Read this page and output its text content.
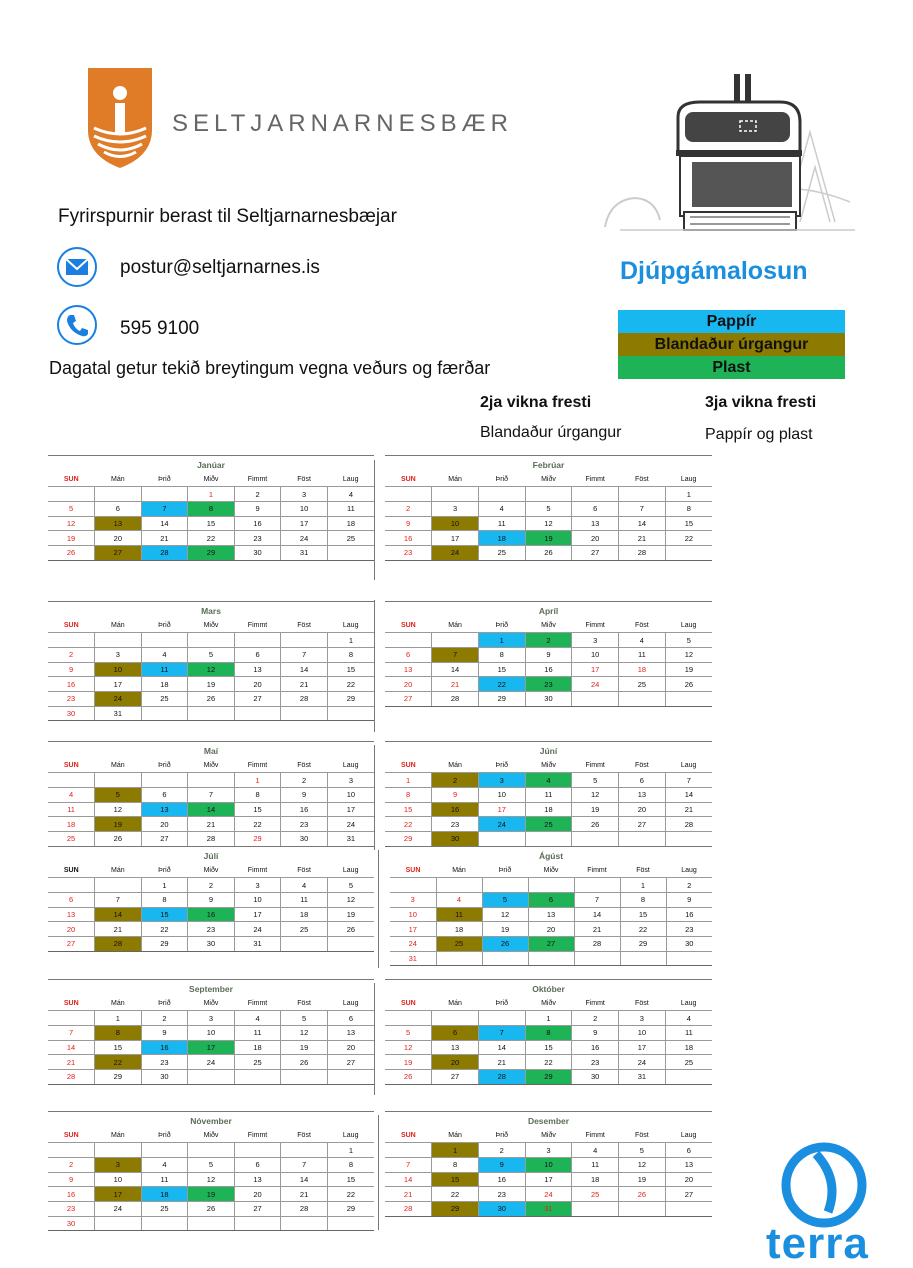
SELTJARNARNESBÆR
Fyrirspurnir berast til Seltjarnarnesbæjar
postur@seltjarnarnes.is
595 9100
Dagatal getur tekið breytingum vegna veðurs og færðar
Djúpgámalosun
Pappír
Blandaður úrgangur
Plast
2ja vikna fresti	3ja vikna fresti
Blandaður úrgangur	Pappír og plast
Janúar
SUN	Mán	Þrið	Miðv	Fimmt	Föst	Laug
			1	2	3	4
5	6	7	8	9	10	11
12	13	14	15	16	17	18
19	20	21	22	23	24	25
26	27	28	29	30	31	
Febrúar
SUN	Mán	Þrið	Miðv	Fimmt	Föst	Laug
						1
2	3	4	5	6	7	8
9	10	11	12	13	14	15
16	17	18	19	20	21	22
23	24	25	26	27	28	
Mars
SUN	Mán	Þrið	Miðv	Fimmt	Föst	Laug
						1
2	3	4	5	6	7	8
9	10	11	12	13	14	15
16	17	18	19	20	21	22
23	24	25	26	27	28	29
30	31					
Apríl
SUN	Mán	Þrið	Miðv	Fimmt	Föst	Laug
		1	2	3	4	5
6	7	8	9	10	11	12
13	14	15	16	17	18	19
20	21	22	23	24	25	26
27	28	29	30			
Maí
SUN	Mán	Þrið	Miðv	Fimmt	Föst	Laug
				1	2	3
4	5	6	7	8	9	10
11	12	13	14	15	16	17
18	19	20	21	22	23	24
25	26	27	28	29	30	31
Júní
SUN	Mán	Þrið	Miðv	Fimmt	Föst	Laug
1	2	3	4	5	6	7
8	9	10	11	12	13	14
15	16	17	18	19	20	21
22	23	24	25	26	27	28
29	30					
Júlí
SUN	Mán	Þrið	Miðv	Fimmt	Föst	Laug
		1	2	3	4	5
6	7	8	9	10	11	12
13	14	15	16	17	18	19
20	21	22	23	24	25	26
27	28	29	30	31		
Ágúst
SUN	Mán	Þrið	Miðv	Fimmt	Föst	Laug
					1	2
3	4	5	6	7	8	9
10	11	12	13	14	15	16
17	18	19	20	21	22	23
24	25	26	27	28	29	30
31						
September
SUN	Mán	Þrið	Miðv	Fimmt	Föst	Laug
	1	2	3	4	5	6
7	8	9	10	11	12	13
14	15	16	17	18	19	20
21	22	23	24	25	26	27
28	29	30				
Október
SUN	Mán	Þrið	Miðv	Fimmt	Föst	Laug
			1	2	3	4
5	6	7	8	9	10	11
12	13	14	15	16	17	18
19	20	21	22	23	24	25
26	27	28	29	30	31	
Nóvember
SUN	Mán	Þrið	Miðv	Fimmt	Föst	Laug
						1
2	3	4	5	6	7	8
9	10	11	12	13	14	15
16	17	18	19	20	21	22
23	24	25	26	27	28	29
30						
Desember
SUN	Mán	Þrið	Miðv	Fimmt	Föst	Laug
	1	2	3	4	5	6
7	8	9	10	11	12	13
14	15	16	17	18	19	20
21	22	23	24	25	26	27
28	29	30	31			
terra
